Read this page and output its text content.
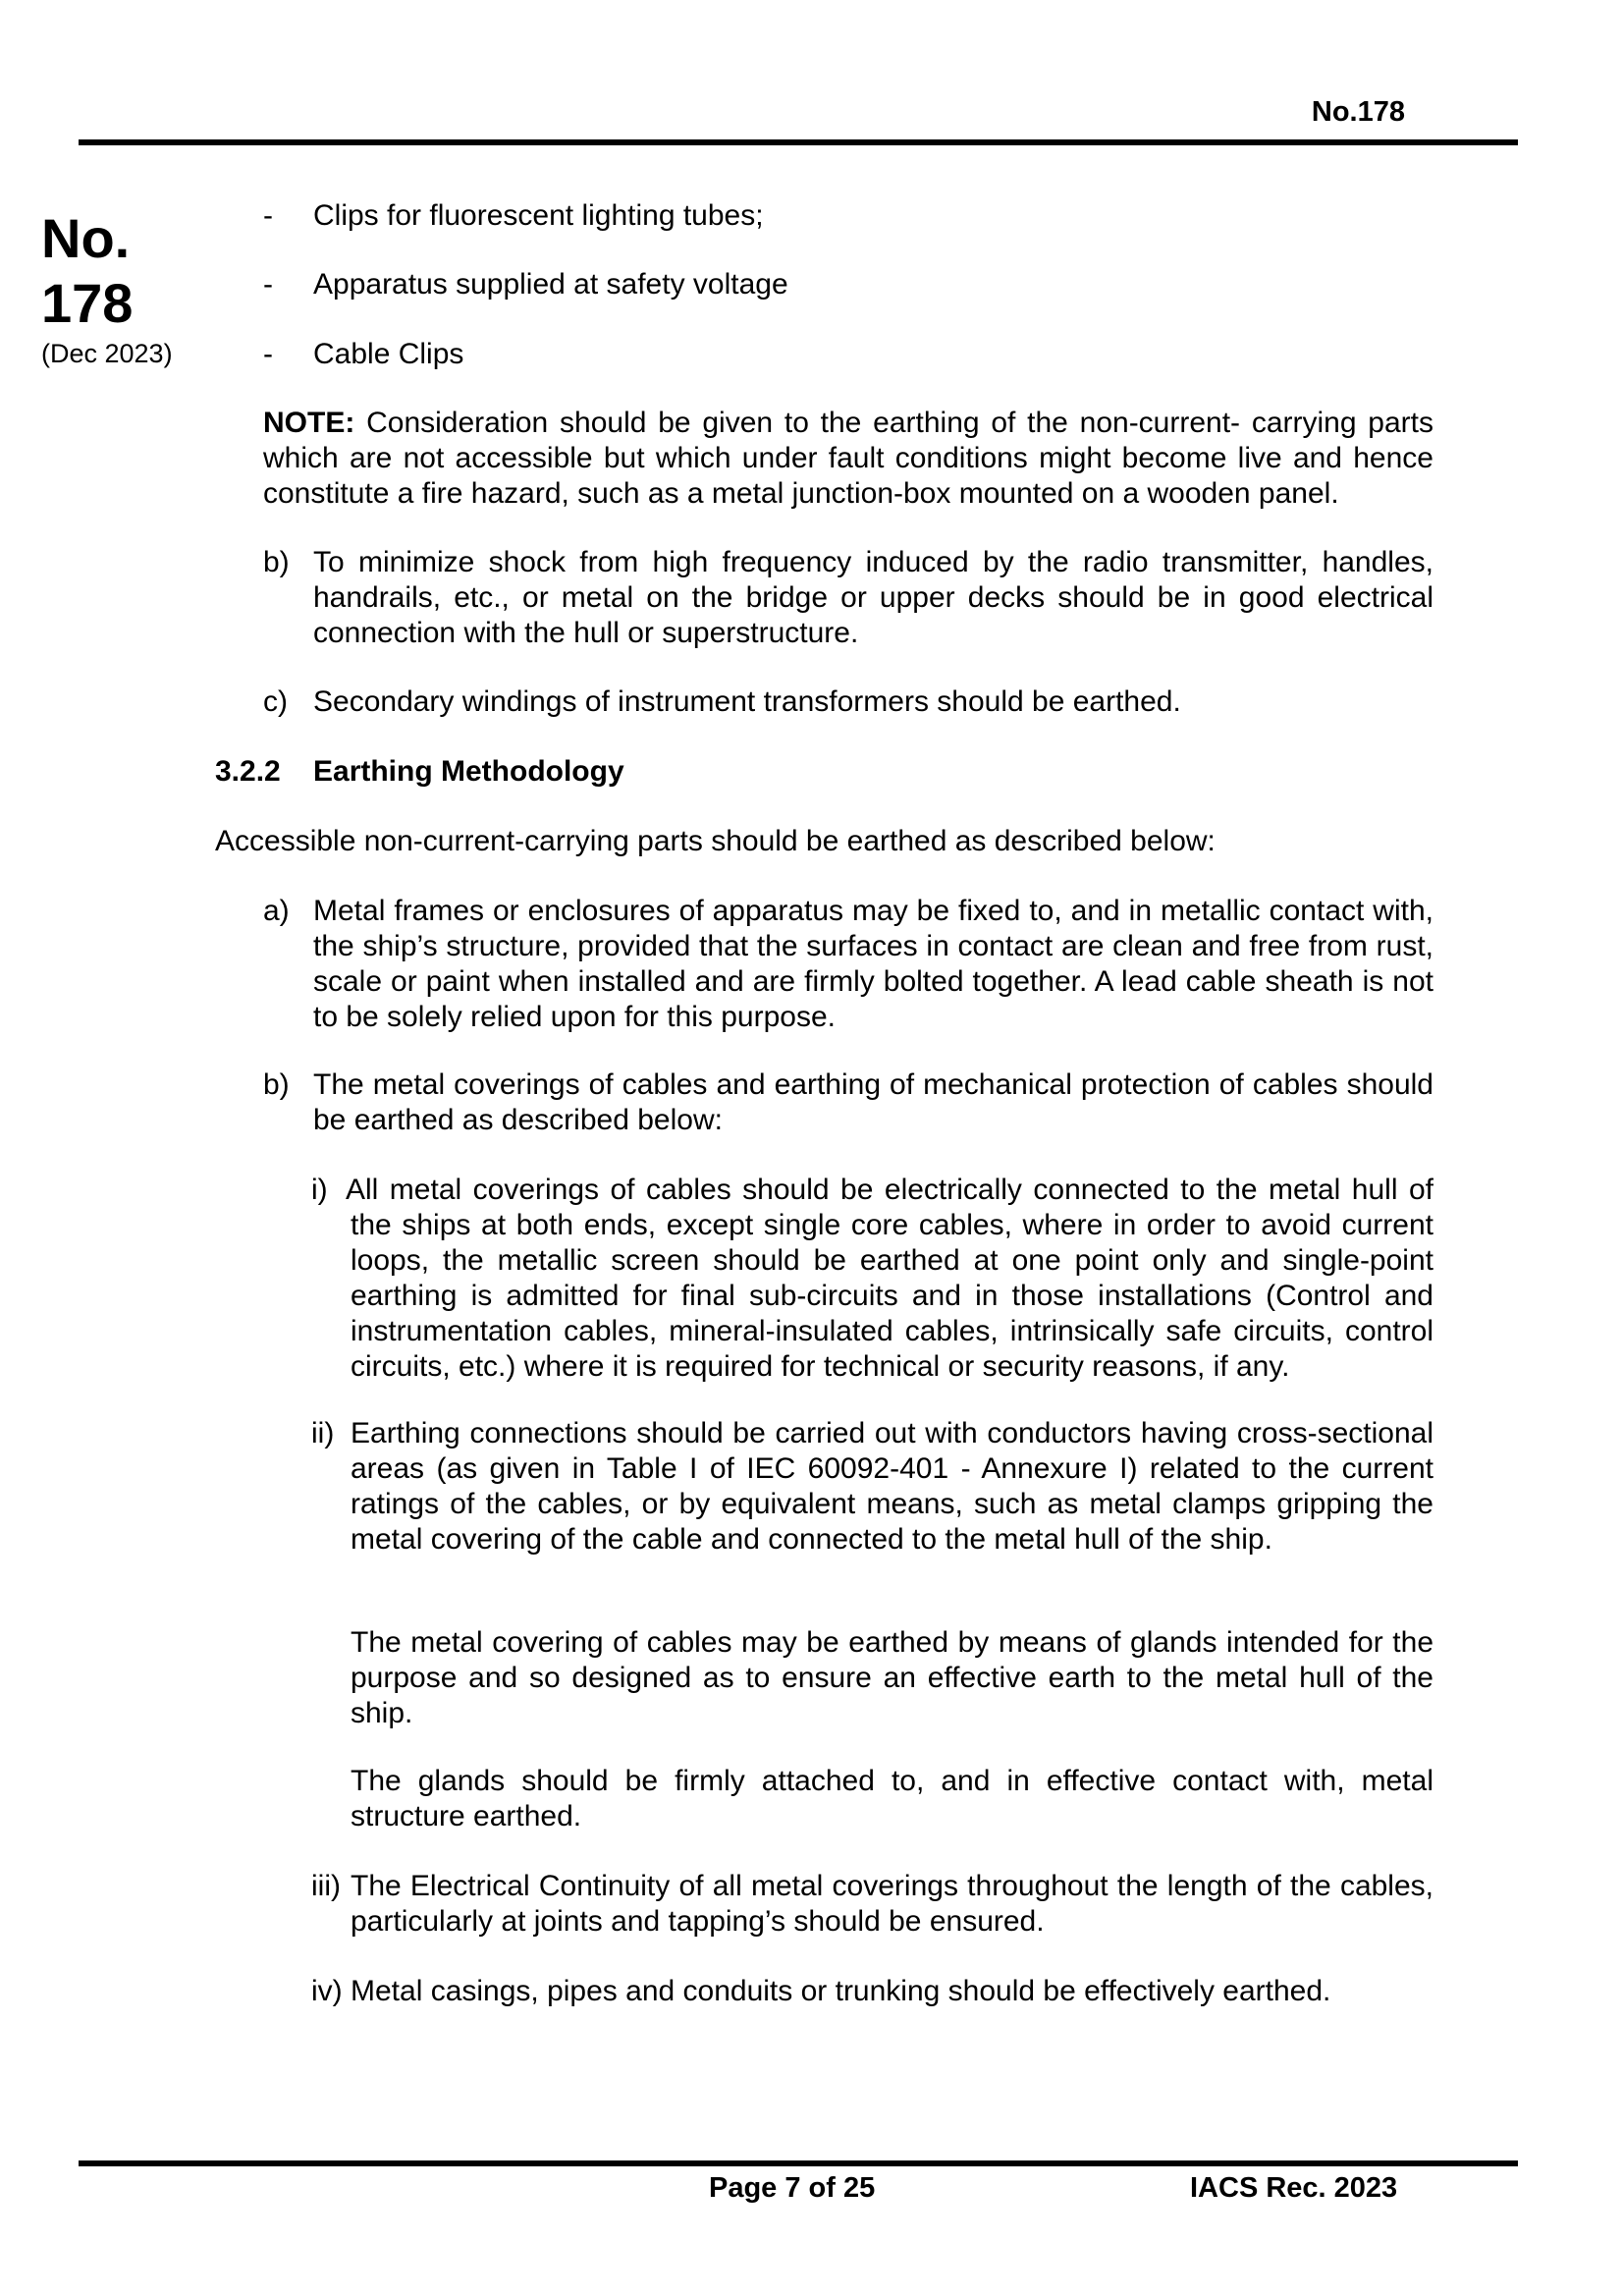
No.178
No.
178
(Dec 2023)
- Clips for fluorescent lighting tubes;
- Apparatus supplied at safety voltage
- Cable Clips
NOTE: Consideration should be given to the earthing of the non-current- carrying parts which are not accessible but which under fault conditions might become live and hence constitute a fire hazard, such as a metal junction-box mounted on a wooden panel.
b) To minimize shock from high frequency induced by the radio transmitter, handles, handrails, etc., or metal on the bridge or upper decks should be in good electrical connection with the hull or superstructure.
c) Secondary windings of instrument transformers should be earthed.
3.2.2 Earthing Methodology
Accessible non-current-carrying parts should be earthed as described below:
a) Metal frames or enclosures of apparatus may be fixed to, and in metallic contact with, the ship’s structure, provided that the surfaces in contact are clean and free from rust, scale or paint when installed and are firmly bolted together. A lead cable sheath is not to be solely relied upon for this purpose.
b) The metal coverings of cables and earthing of mechanical protection of cables should be earthed as described below:
i) All metal coverings of cables should be electrically connected to the metal hull of the ships at both ends, except single core cables, where in order to avoid current loops, the metallic screen should be earthed at one point only and single-point earthing is admitted for final sub-circuits and in those installations (Control and instrumentation cables, mineral-insulated cables, intrinsically safe circuits, control circuits, etc.) where it is required for technical or security reasons, if any.
ii) Earthing connections should be carried out with conductors having cross-sectional areas (as given in Table I of IEC 60092-401 - Annexure I) related to the current ratings of the cables, or by equivalent means, such as metal clamps gripping the metal covering of the cable and connected to the metal hull of the ship.
The metal covering of cables may be earthed by means of glands intended for the purpose and so designed as to ensure an effective earth to the metal hull of the ship.
The glands should be firmly attached to, and in effective contact with, metal structure earthed.
iii) The Electrical Continuity of all metal coverings throughout the length of the cables, particularly at joints and tapping’s should be ensured.
iv) Metal casings, pipes and conduits or trunking should be effectively earthed.
Page 7 of 25	IACS Rec. 2023
